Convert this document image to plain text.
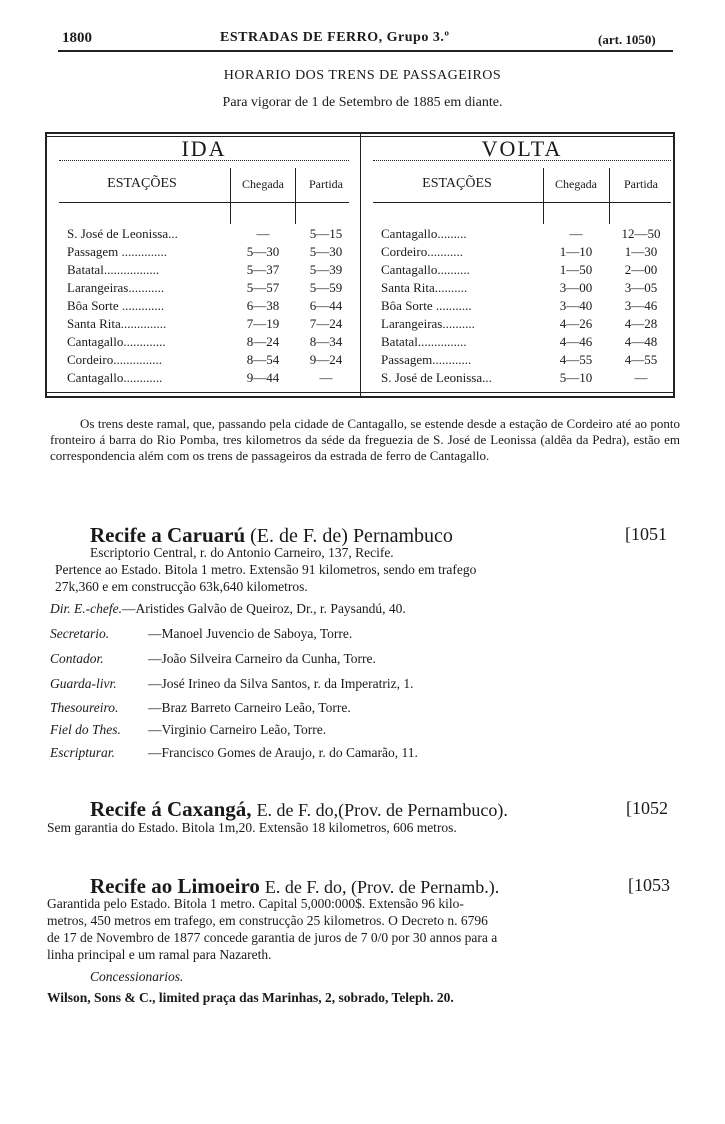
1800	ESTRADAS DE FERRO, Grupo 3.º	(art. 1050)
HORARIO DOS TRENS DE PASSAGEIROS
Para vigorar de 1 de Setembro de 1885 em diante.
IDA	VOLTA
ESTAÇÕES	Chegada	Partida	ESTAÇÕES	Chegada	Partida
S. José de Leonissa...	—	5—15
Passagem ..............	5—30	5—30
Batatal.................	5—37	5—39
Larangeiras...........	5—57	5—59
Bôa Sorte .............	6—38	6—44
Santa Rita..............	7—19	7—24
Cantagallo.............	8—24	8—34
Cordeiro...............	8—54	9—24
Cantagallo............	9—44	—
Cantagallo.........	—	12—50
Cordeiro...........	1—10	1—30
Cantagallo..........	1—50	2—00
Santa Rita..........	3—00	3—05
Bôa Sorte ...........	3—40	3—46
Larangeiras..........	4—26	4—28
Batatal...............	4—46	4—48
Passagem............	4—55	4—55
S. José de Leonissa...	5—10	—
Os trens deste ramal, que, passando pela cidade de Cantagallo, se estende desde a estação de Cordeiro até ao ponto fronteiro á barra do Rio Pomba, tres kilometros da séde da freguezia de S. José de Leonissa (aldêa da Pedra), estão em correspondencia além com os trens de passageiros da estrada de ferro de Cantagallo.
Recife a Caruarú (E. de F. de) Pernambuco	[1051
Escriptorio Central, r. do Antonio Carneiro, 137, Recife.
Pertence ao Estado. Bitola 1 metro. Extensão 91 kilometros, sendo em trafego
27k,360 e em construcção 63k,640 kilometros.
Dir. E.-chefe.—Aristides Galvão de Queiroz, Dr., r. Paysandú, 40.
Secretario.	—Manoel Juvencio de Saboya, Torre.
Contador.	—João Silveira Carneiro da Cunha, Torre.
Guarda-livr. —José Irineo da Silva Santos, r. da Imperatriz, 1.
Thesoureiro. —Braz Barreto Carneiro Leão, Torre.
Fiel do Thes. —Virginio Carneiro Leão, Torre.
Escripturar. —Francisco Gomes de Araujo, r. do Camarão, 11.
Recife á Caxangá, E. de F. do,(Prov. de Pernambuco).	[1052
Sem garantia do Estado. Bitola 1m,20. Extensão 18 kilometros, 606 metros.
Recife ao Limoeiro E. de F. do, (Prov. de Pernamb.).	[1053
Garantida pelo Estado. Bitola 1 metro. Capital 5,000:000$. Extensão 96 kilo-
metros, 450 metros em trafego, em construcção 25 kilometros. O Decreto n. 6796
de 17 de Novembro de 1877 concede garantia de juros de 7 0/0 por 30 annos para a
linha principal e um ramal para Nazareth.
Concessionarios.
Wilson, Sons & C., limited praça das Marinhas, 2, sobrado, Teleph. 20.
